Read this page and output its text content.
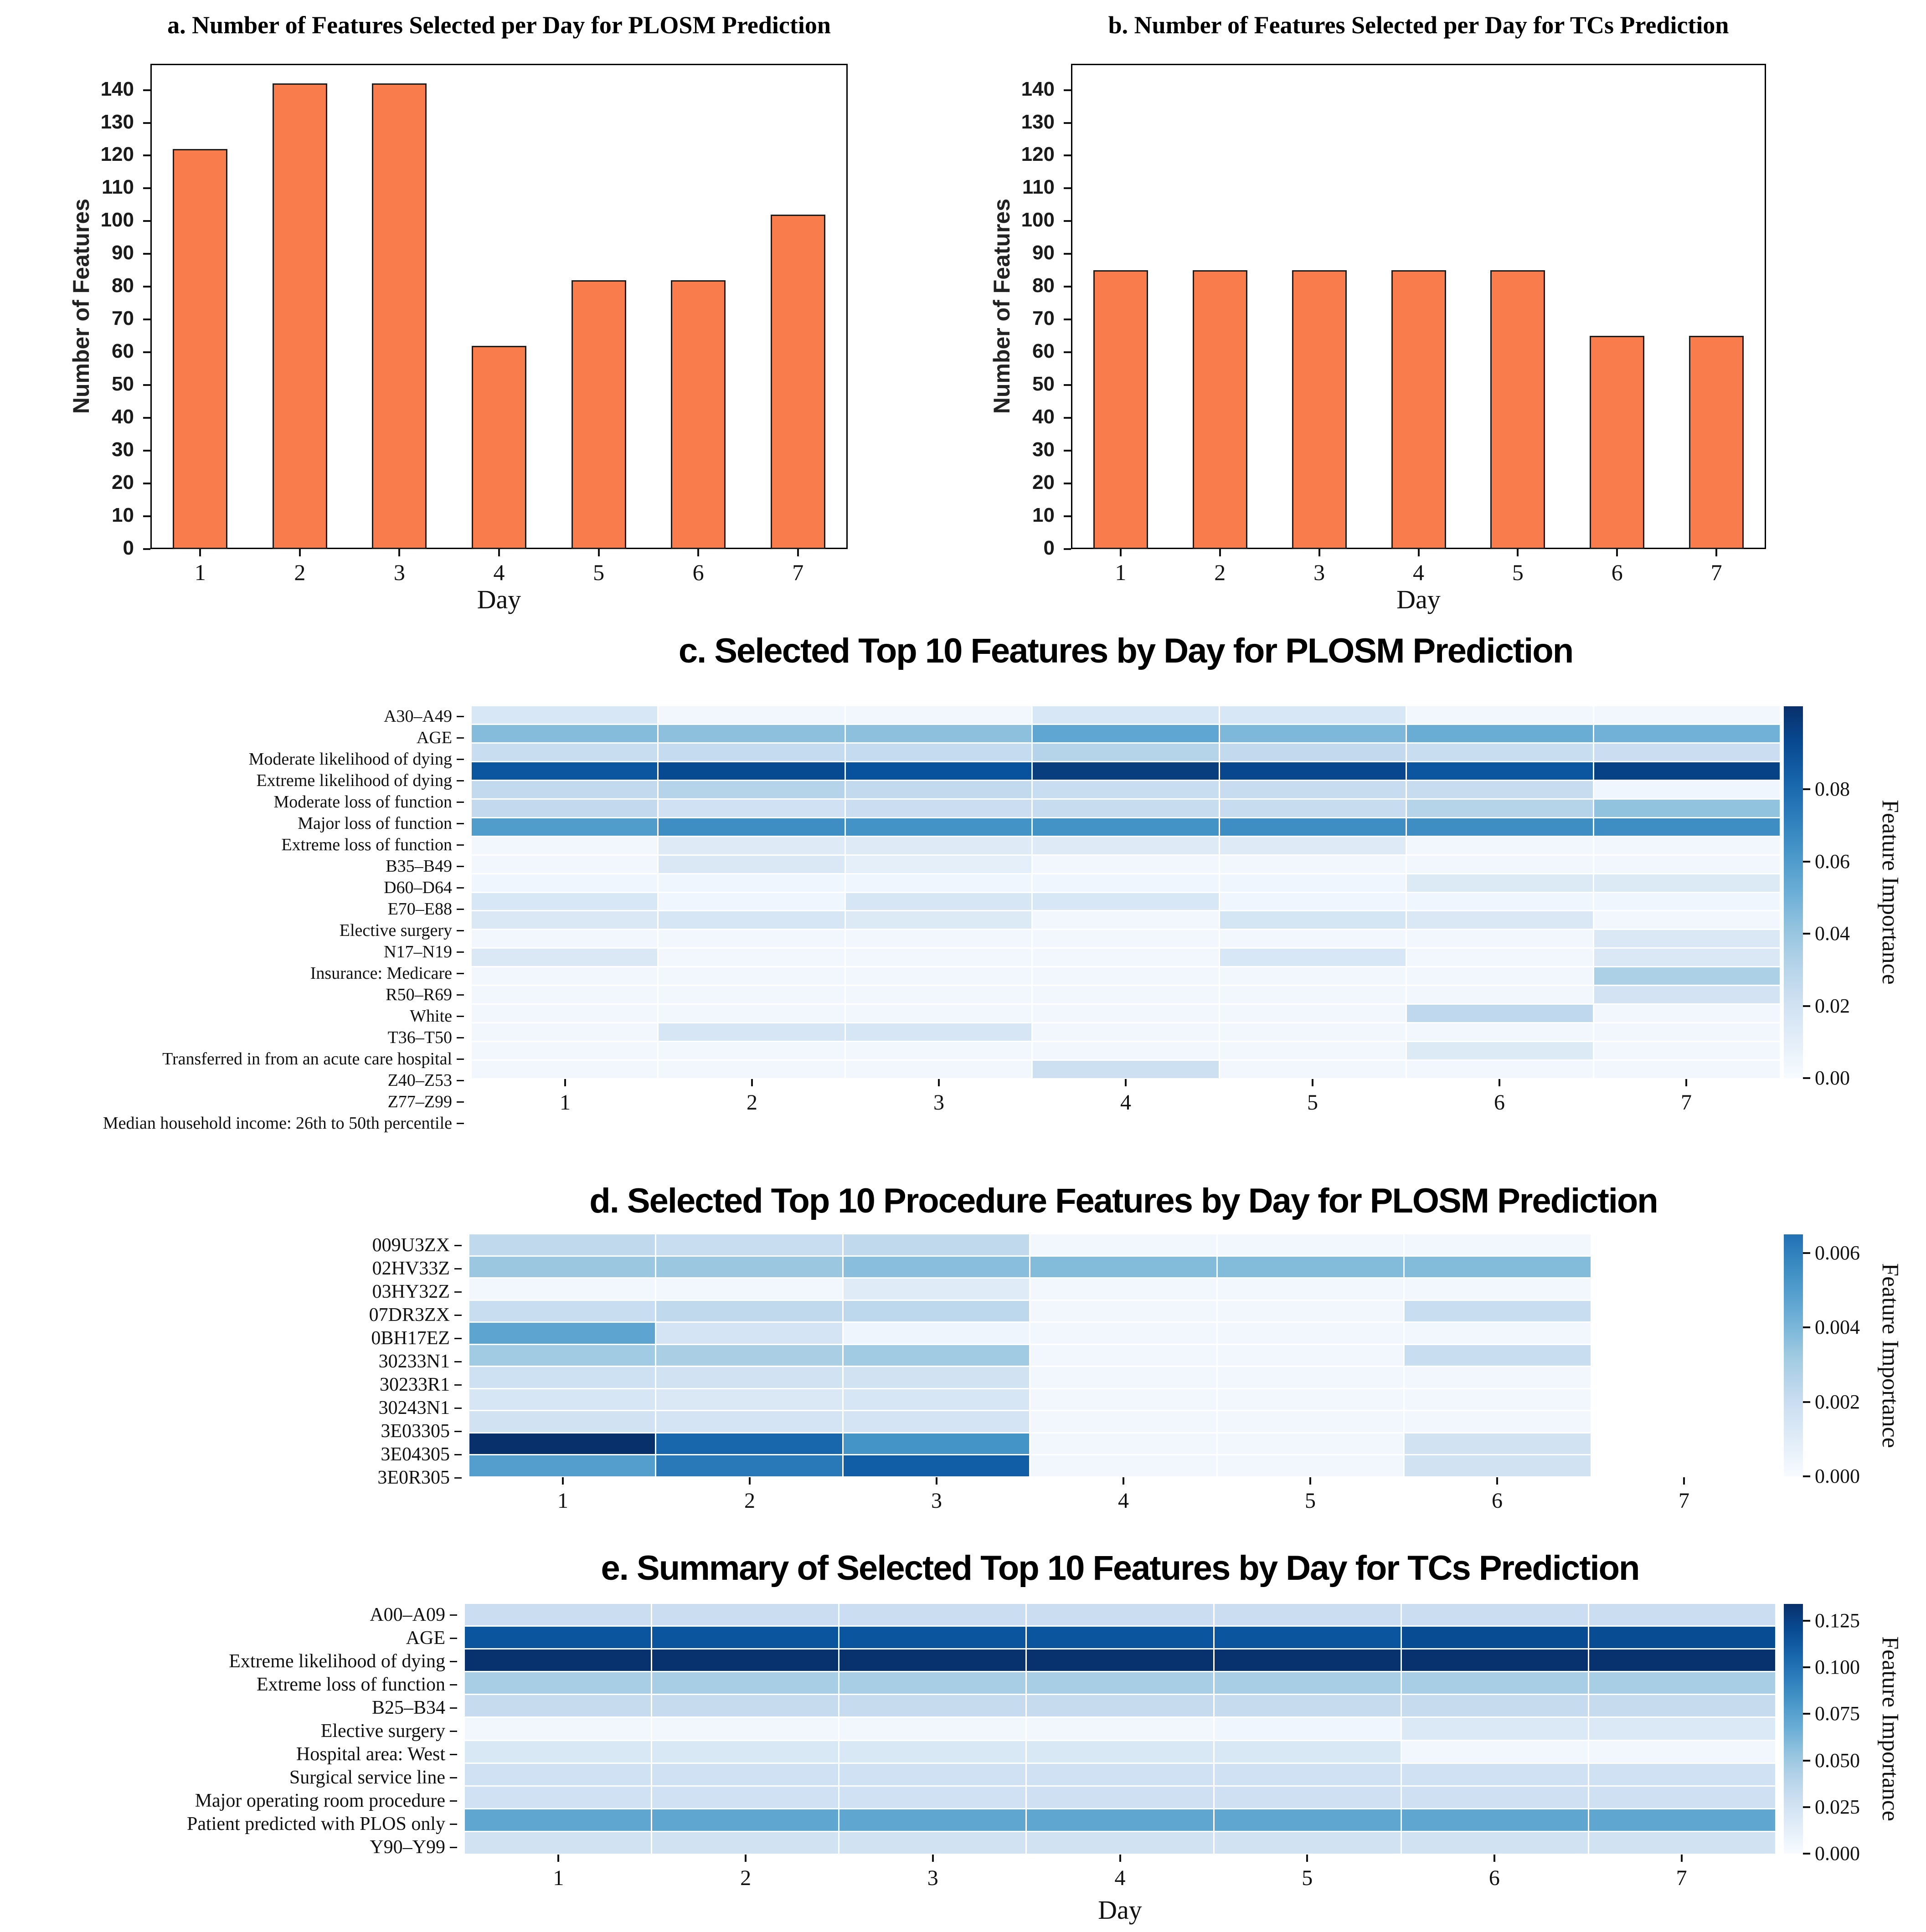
a. Number of Features Selected per Day for PLOSM Prediction
Number of Features
Day
b. Number of Features Selected per Day for TCs Prediction
Number of Features
Day
c. Selected Top 10 Features by Day for PLOSM Prediction
A30–A49
AGE
Moderate likelihood of dying
Extreme likelihood of dying
Moderate loss of function
Major loss of function
Extreme loss of function
B35–B49
D60–D64
E70–E88
Elective surgery
N17–N19
Insurance: Medicare
R50–R69
White
T36–T50
Transferred in from an acute care hospital
Z40–Z53
Z77–Z99
Median household income: 26th to 50th percentile
Feature Importance
d. Selected Top 10 Procedure Features by Day for PLOSM Prediction
009U3ZX
02HV33Z
03HY32Z
07DR3ZX
0BH17EZ
30233N1
30233R1
30243N1
3E03305
3E04305
3E0R305
Feature Importance
e. Summary of Selected Top 10 Features by Day for TCs Prediction
A00–A09
AGE
Extreme likelihood of dying
Extreme loss of function
B25–B34
Elective surgery
Hospital area: West
Surgical service line
Major operating room procedure
Patient predicted with PLOS only
Y90–Y99
Feature Importance
Day
0
10
20
30
40
50
60
70
80
90
100
110
120
130
140
1	2	3	4	5	6	7
0
10
20
30
40
50
60
70
80
90
100
110
120
130
140
1	2	3	4	5	6	7
1	2	3	4	5	6	7
0.08
0.06
0.04
0.02
0.00
1	2	3	4	5	6	7
0.006
0.004
0.002
0.000
1	2	3	4	5	6	7
0.125
0.100
0.075
0.050
0.025
0.000
